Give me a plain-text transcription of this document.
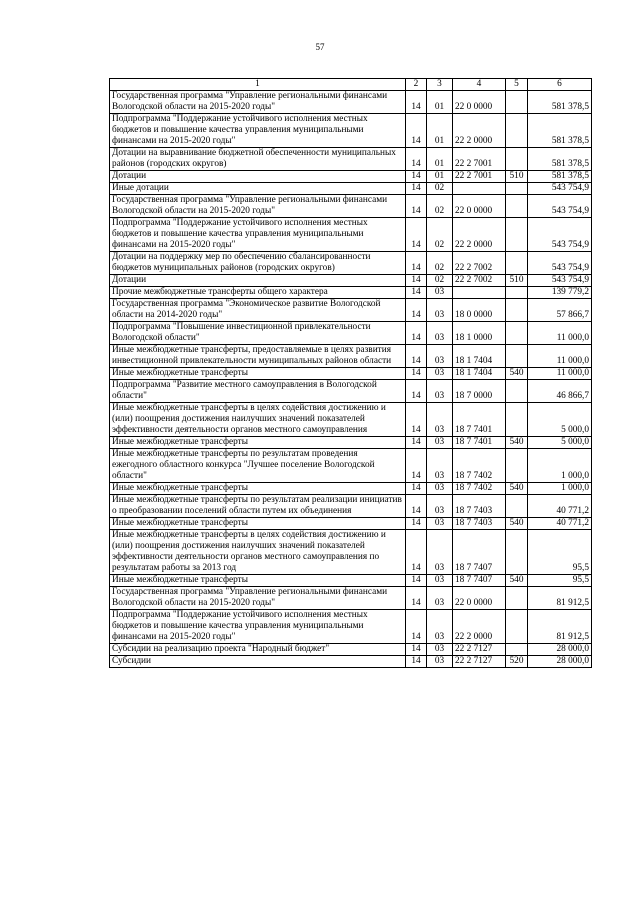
57
1	2	3	4	5	6
Государственная программа "Управление региональными финансами Вологодской области на 2015-2020 годы"	14	01	22 0 0000		581 378,5
Подпрограмма "Поддержание устойчивого исполнения местных бюджетов и повышение качества управления муниципальными финансами на 2015-2020 годы"	14	01	22 2 0000		581 378,5
Дотации на выравнивание бюджетной обеспеченности муниципальных районов (городских округов)	14	01	22 2 7001		581 378,5
Дотации	14	01	22 2 7001	510	581 378,5
Иные дотации	14	02			543 754,9
Государственная программа "Управление региональными финансами Вологодской области на 2015-2020 годы"	14	02	22 0 0000		543 754,9
Подпрограмма "Поддержание устойчивого исполнения местных бюджетов и повышение качества управления муниципальными финансами на 2015-2020 годы"	14	02	22 2 0000		543 754,9
Дотации на поддержку мер по обеспечению сбалансированности бюджетов муниципальных районов (городских округов)	14	02	22 2 7002		543 754,9
Дотации	14	02	22 2 7002	510	543 754,9
Прочие межбюджетные трансферты общего характера	14	03			139 779,2
Государственная программа "Экономическое развитие Вологодской области на 2014-2020 годы"	14	03	18 0 0000		57 866,7
Подпрограмма "Повышение инвестиционной привлекательности Вологодской области"	14	03	18 1 0000		11 000,0
Иные межбюджетные трансферты, предоставляемые в целях развития инвестиционной привлекательности муниципальных районов области	14	03	18 1 7404		11 000,0
Иные межбюджетные трансферты	14	03	18 1 7404	540	11 000,0
Подпрограмма "Развитие местного самоуправления в Вологодской области"	14	03	18 7 0000		46 866,7
Иные межбюджетные трансферты в целях содействия достижению и (или) поощрения достижения наилучших значений показателей эффективности деятельности органов местного самоуправления	14	03	18 7 7401		5 000,0
Иные межбюджетные трансферты	14	03	18 7 7401	540	5 000,0
Иные межбюджетные трансферты по результатам проведения ежегодного областного конкурса "Лучшее поселение Вологодской области"	14	03	18 7 7402		1 000,0
Иные межбюджетные трансферты	14	03	18 7 7402	540	1 000,0
Иные межбюджетные трансферты по результатам реализации инициатив о преобразовании поселений области путем их объединения	14	03	18 7 7403		40 771,2
Иные межбюджетные трансферты	14	03	18 7 7403	540	40 771,2
Иные межбюджетные трансферты в целях содействия достижению и (или) поощрения достижения наилучших значений показателей эффективности деятельности органов местного самоуправления по результатам работы за 2013 год	14	03	18 7 7407		95,5
Иные межбюджетные трансферты	14	03	18 7 7407	540	95,5
Государственная программа "Управление региональными финансами Вологодской области на 2015-2020 годы"	14	03	22 0 0000		81 912,5
Подпрограмма "Поддержание устойчивого исполнения местных бюджетов и повышение качества управления муниципальными финансами на 2015-2020 годы"	14	03	22 2 0000		81 912,5
Субсидии на реализацию проекта "Народный бюджет"	14	03	22 2 7127		28 000,0
Субсидии	14	03	22 2 7127	520	28 000,0
